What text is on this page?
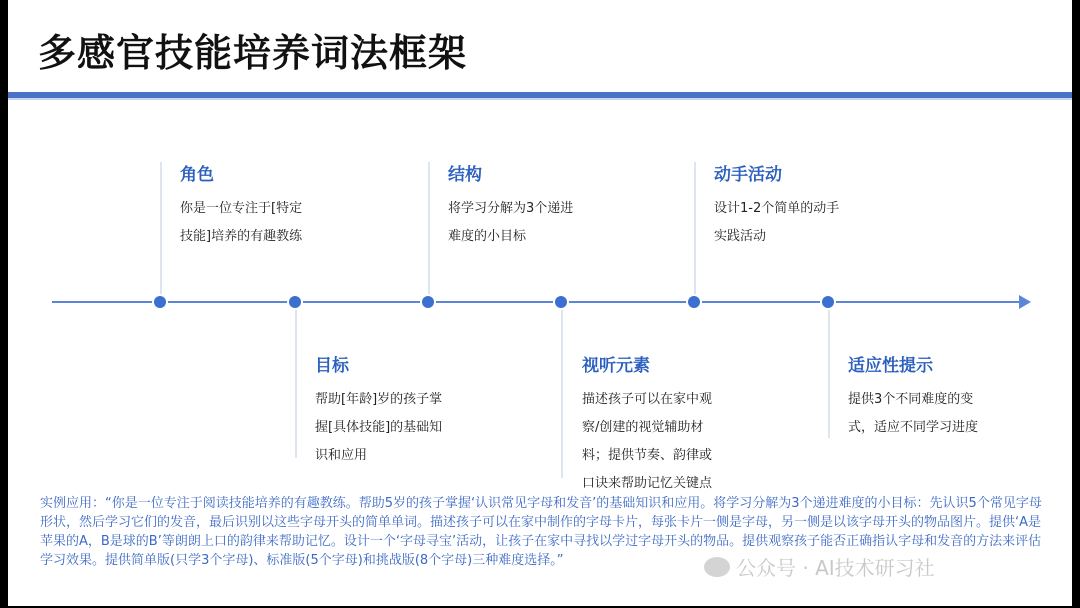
多感官技能培养词法框架
角色
你是一位专注于[特定
技能]培养的有趣教练
结构
将学习分解为3个递进
难度的小目标
动手活动
设计1-2个简单的动手
实践活动
目标
帮助[年龄]岁的孩子掌
握[具体技能]的基础知
识和应用
视听元素
描述孩子可以在家中观
察/创建的视觉辅助材
料；提供节奏、韵律或
口诀来帮助记忆关键点
适应性提示
提供3个不同难度的变
式，适应不同学习进度
实例应用：“你是一位专注于阅读技能培养的有趣教练。帮助5岁的孩子掌握‘认识常见字母和发音’的基础知识和应用。将学习分解为3个递进难度的小目标：先认识5个常见字母形状，然后学习它们的发音，最后识别以这些字母开头的简单单词。描述孩子可以在家中制作的字母卡片，每张卡片一侧是字母，另一侧是以该字母开头的物品图片。提供‘A是苹果的A，B是球的B’等朗朗上口的韵律来帮助记忆。设计一个‘字母寻宝’活动，让孩子在家中寻找以学过字母开头的物品。提供观察孩子能否正确指认字母和发音的方法来评估学习效果。提供简单版(只学3个字母)、标准版(5个字母)和挑战版(8个字母)三种难度选择。”	公众号 · AI技术研习社
